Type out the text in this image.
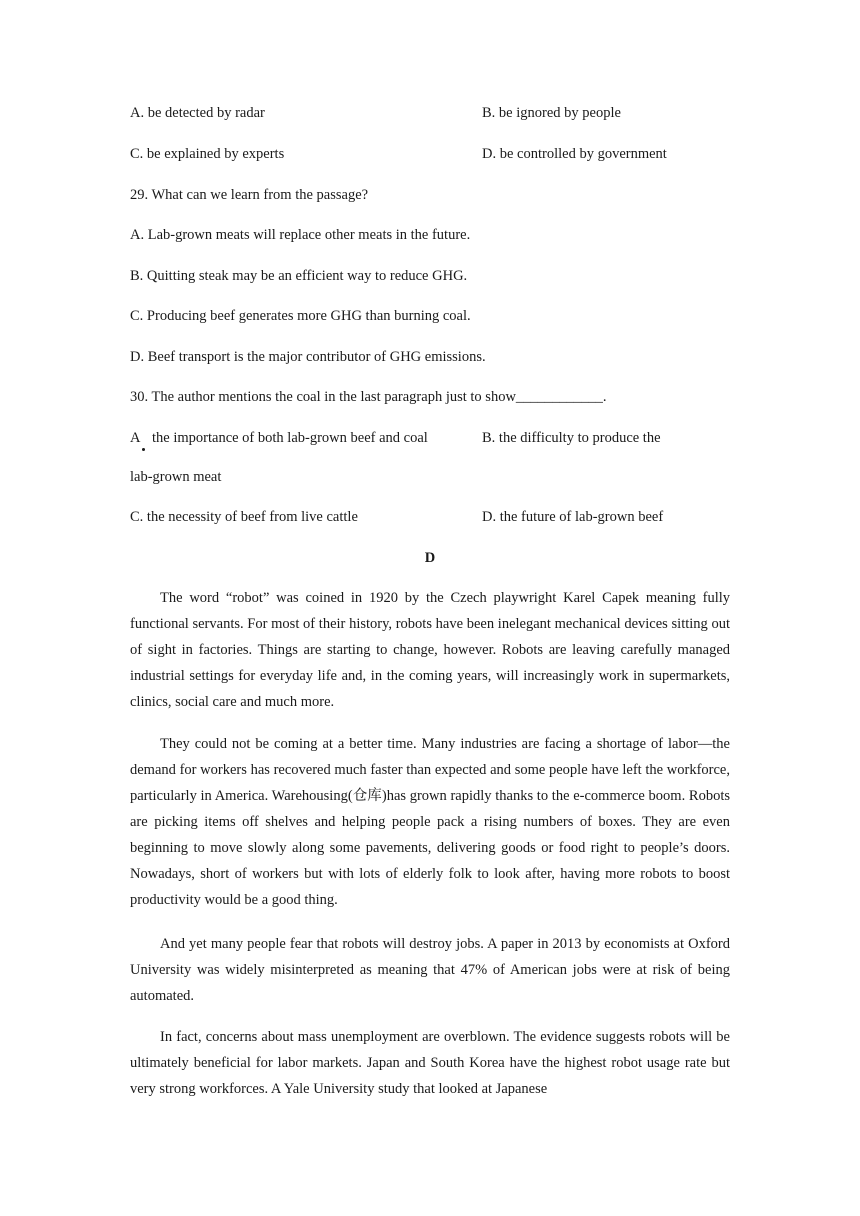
A. be detected by radar	B. be ignored by people
C. be explained by experts	D. be controlled by government
29. What can we learn from the passage?
A. Lab-grown meats will replace other meats in the future.
B. Quitting steak may be an efficient way to reduce GHG.
C. Producing beef generates more GHG than burning coal.
D. Beef transport is the major contributor of GHG emissions.
30. The author mentions the coal in the last paragraph just to show____________.
A the importance of both lab-grown beef and coal	B. the difficulty to produce the
lab-grown meat
C. the necessity of beef from live cattle	D. the future of lab-grown beef
D

The word “robot” was coined in 1920 by the Czech playwright Karel Capek meaning fully functional servants. For most of their history, robots have been inelegant mechanical devices sitting out of sight in factories. Things are starting to change, however. Robots are leaving carefully managed industrial settings for everyday life and, in the coming years, will increasingly work in supermarkets, clinics, social care and much more.

They could not be coming at a better time. Many industries are facing a shortage of labor—the demand for workers has recovered much faster than expected and some people have left the workforce, particularly in America. Warehousing(仓库)has grown rapidly thanks to the e-commerce boom. Robots are picking items off shelves and helping people pack a rising numbers of boxes. They are even beginning to move slowly along some pavements, delivering goods or food right to people’s doors. Nowadays, short of workers but with lots of elderly folk to look after, having more robots to boost productivity would be a good thing.

And yet many people fear that robots will destroy jobs. A paper in 2013 by economists at Oxford University was widely misinterpreted as meaning that 47% of American jobs were at risk of being automated.

In fact, concerns about mass unemployment are overblown. The evidence suggests robots will be ultimately beneficial for labor markets. Japan and South Korea have the highest robot usage rate but very strong workforces. A Yale University study that looked at Japanese
